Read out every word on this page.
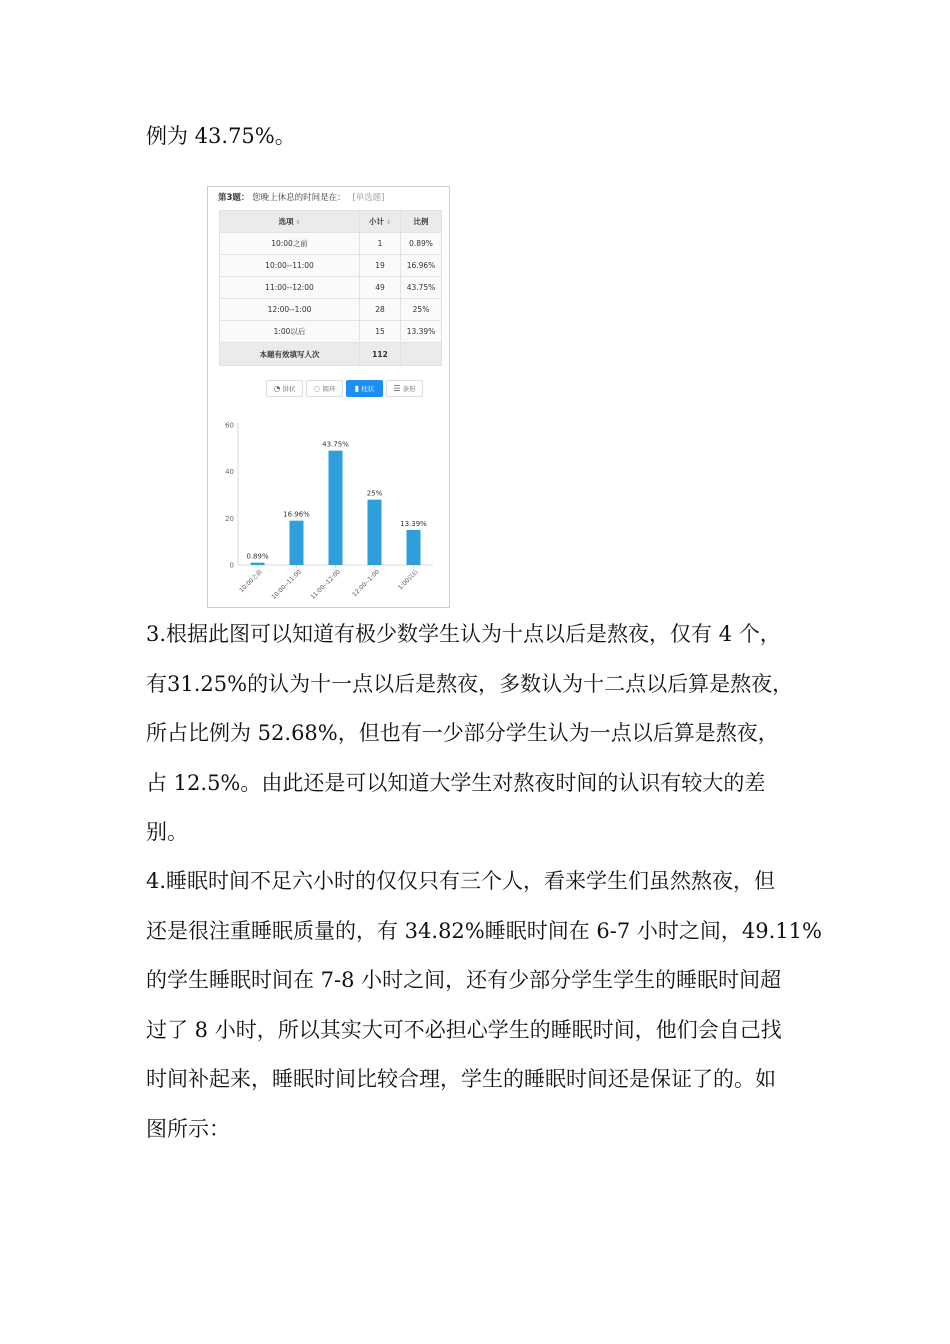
例为 43.75%。

第3题： 您晚上休息的时间是在： [单选题]
选项 ⇕	小计 ⇕	比例
10:00之前	1	0.89%
10:00--11:00	19	16.96%
11:00--12:00	49	43.75%
12:00--1:00	28	25%
1:00以后	15	13.39%
本题有效填写人次	112	
◔ 饼状 ◌ 圆环 ▮ 柱状 ☰ 条形
0
20
40
60
0.89%
10:00之前
16.96%
10:00--11:00
43.75%
11:00--12:00
25%
12:00--1:00
13.39%
1:00以后

3.根据此图可以知道有极少数学生认为十点以后是熬夜，仅有 4 个，
有31.25%的认为十一点以后是熬夜，多数认为十二点以后算是熬夜，
所占比例为 52.68%，但也有一少部分学生认为一点以后算是熬夜，
占 12.5%。由此还是可以知道大学生对熬夜时间的认识有较大的差
别。

4.睡眠时间不足六小时的仅仅只有三个人，看来学生们虽然熬夜，但
还是很注重睡眠质量的，有 34.82%睡眠时间在 6-7 小时之间，49.11%
的学生睡眠时间在 7-8 小时之间，还有少部分学生学生的睡眠时间超
过了 8 小时，所以其实大可不必担心学生的睡眠时间，他们会自己找
时间补起来，睡眠时间比较合理，学生的睡眠时间还是保证了的。如
图所示：
